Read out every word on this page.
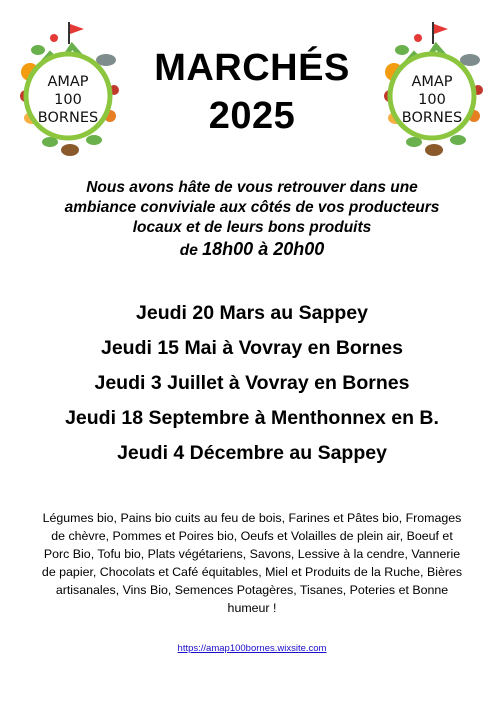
AMAP
100
BORNES
AMAP
100
BORNES
MARCHÉS
2025
Nous avons hâte de vous retrouver dans une
ambiance conviviale aux côtés de vos producteurs
locaux et de leurs bons produits
de 18h00 à 20h00
Jeudi 20 Mars au Sappey
Jeudi 15 Mai à Vovray en Bornes
Jeudi 3 Juillet à Vovray en Bornes
Jeudi 18 Septembre à Menthonnex en B.
Jeudi 4 Décembre au Sappey
Légumes bio, Pains bio cuits au feu de bois, Farines et Pâtes bio, Fromages de chèvre, Pommes et Poires bio, Oeufs et Volailles de plein air, Boeuf et Porc Bio, Tofu bio, Plats végétariens, Savons, Lessive à la cendre, Vannerie de papier, Chocolats et Café équitables, Miel et Produits de la Ruche, Bières artisanales, Vins Bio, Semences Potagères, Tisanes, Poteries et Bonne humeur !
https://amap100bornes.wixsite.com
